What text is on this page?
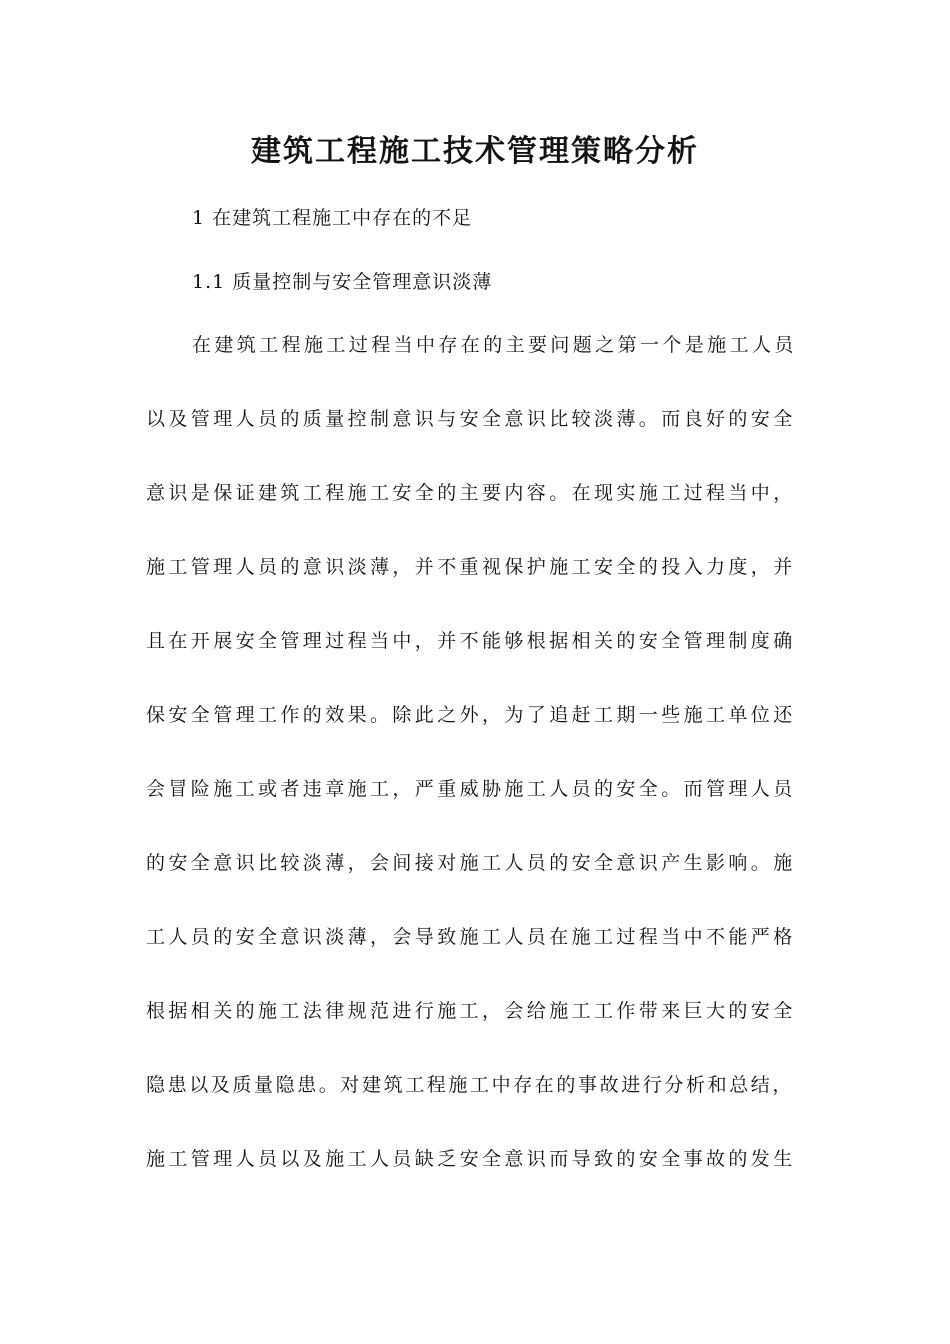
建筑工程施工技术管理策略分析

1 在建筑工程施工中存在的不足

1.1 质量控制与安全管理意识淡薄

在建筑工程施工过程当中存在的主要问题之第一个是施工人员

以及管理人员的质量控制意识与安全意识比较淡薄。而良好的安全

意识是保证建筑工程施工安全的主要内容。在现实施工过程当中，

施工管理人员的意识淡薄，并不重视保护施工安全的投入力度，并

且在开展安全管理过程当中，并不能够根据相关的安全管理制度确

保安全管理工作的效果。除此之外，为了追赶工期一些施工单位还

会冒险施工或者违章施工，严重威胁施工人员的安全。而管理人员

的安全意识比较淡薄，会间接对施工人员的安全意识产生影响。施

工人员的安全意识淡薄，会导致施工人员在施工过程当中不能严格

根据相关的施工法律规范进行施工，会给施工工作带来巨大的安全

隐患以及质量隐患。对建筑工程施工中存在的事故进行分析和总结，

施工管理人员以及施工人员缺乏安全意识而导致的安全事故的发生
